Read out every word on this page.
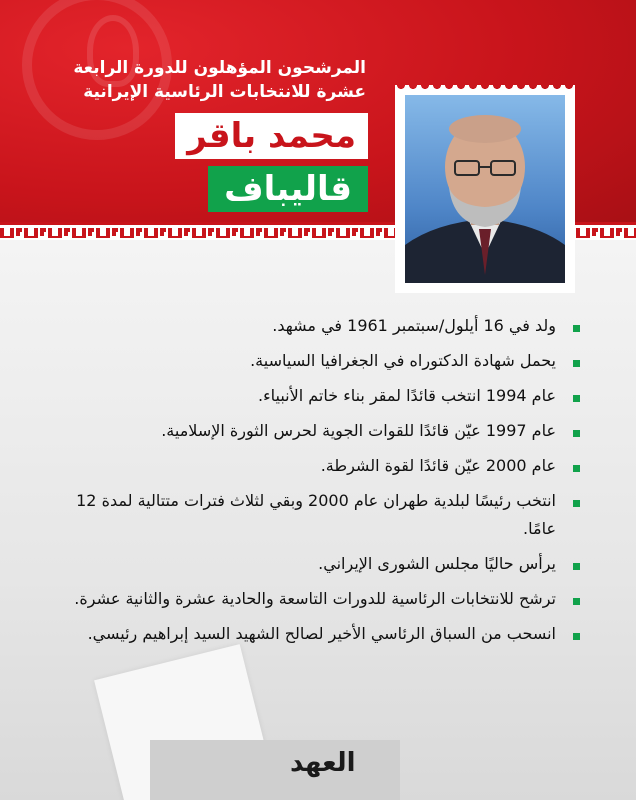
المرشحون المؤهلون للدورة الرابعة عشرة للانتخابات الرئاسية الإيرانية
محمد باقر
قاليباف
ولد في 16 أيلول/سبتمبر 1961 في مشهد.
يحمل شهادة الدكتوراه في الجغرافيا السياسية.
عام 1994 انتخب قائدًا لمقر بناء خاتم الأنبياء.
عام 1997 عيّن قائدًا للقوات الجوية لحرس الثورة الإسلامية.
عام 2000 عيّن قائدًا لقوة الشرطة.
انتخب رئيسًا لبلدية طهران عام 2000 وبقي لثلاث فترات متتالية لمدة 12 عامًا.
يرأس حاليًا مجلس الشورى الإيراني.
ترشح للانتخابات الرئاسية للدورات التاسعة والحادية عشرة والثانية عشرة.
انسحب من السباق الرئاسي الأخير لصالح الشهيد السيد إبراهيم رئيسي.
العهد
